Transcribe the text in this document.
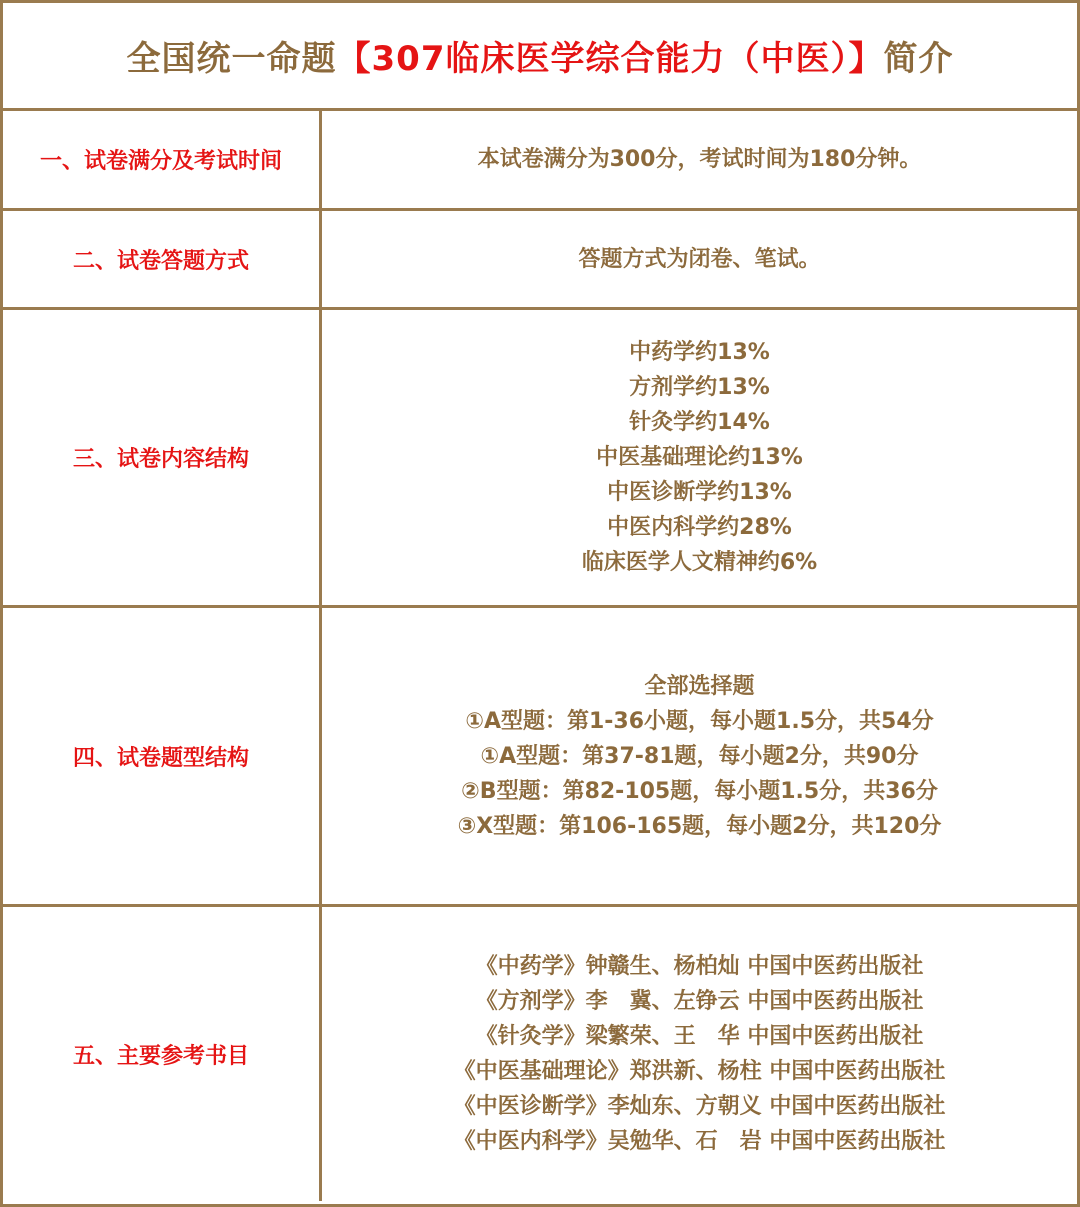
全国统一命题 【307临床医学综合能力（中医）】 简介
一、试卷满分及考试时间	本试卷满分为300分，考试时间为180分钟。
二、试卷答题方式	答题方式为闭卷、笔试。
三、试卷内容结构
中药学约13%
方剂学约13%
针灸学约14%
中医基础理论约13%
中医诊断学约13%
中医内科学约28%
临床医学人文精神约6%
四、试卷题型结构
全部选择题
①A型题：第1-36小题，每小题1.5分，共54分
①A型题：第37-81题，每小题2分，共90分
②B型题：第82-105题，每小题1.5分，共36分
③X型题：第106-165题，每小题2分，共120分
五、主要参考书目
《中药学》钟赣生、杨柏灿 中国中医药出版社
《方剂学》李　冀、左铮云 中国中医药出版社
《针灸学》梁繁荣、王　华 中国中医药出版社
《中医基础理论》郑洪新、杨柱 中国中医药出版社
《中医诊断学》李灿东、方朝义 中国中医药出版社
《中医内科学》吴勉华、石　岩 中国中医药出版社
